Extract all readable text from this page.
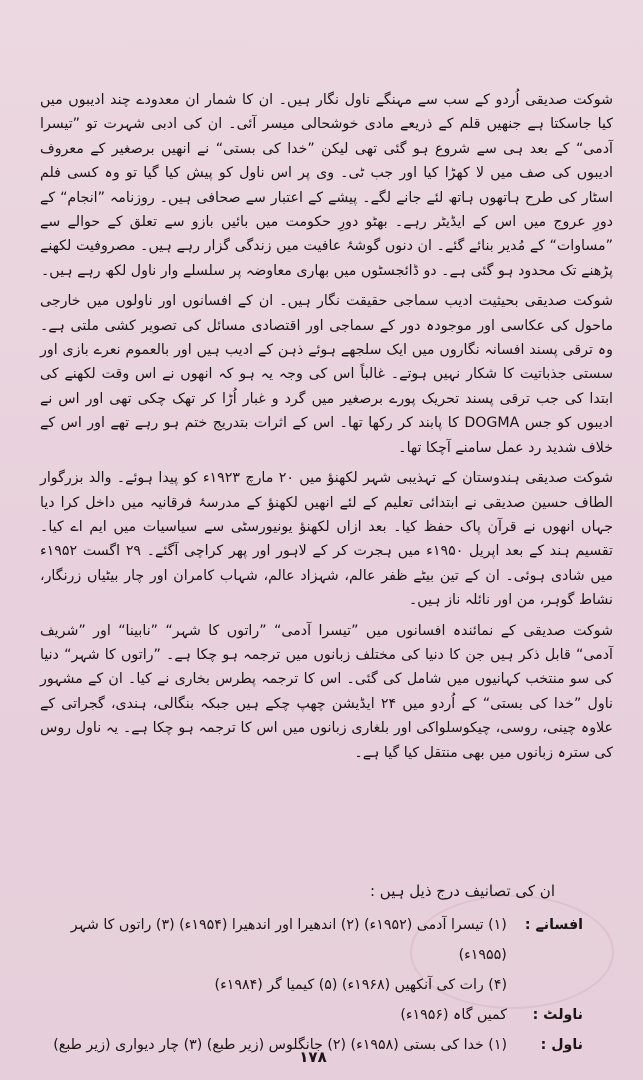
شوکت صدیقی اُردو کے سب سے مہنگے ناول نگار ہیں۔ ان کا شمار ان معدودے چند ادیبوں میں کیا جاسکتا ہے جنھیں قلم کے ذریعے مادی خوشحالی میسر آئی۔ ان کی ادبی شہرت تو ”تیسرا آدمی“ کے بعد ہی سے شروع ہو گئی تھی لیکن ”خدا کی بستی“ نے انھیں برصغیر کے معروف ادیبوں کی صف میں لا کھڑا کیا اور جب ٹی۔ وی پر اس ناول کو پیش کیا گیا تو وہ کسی فلم اسٹار کی طرح ہاتھوں ہاتھ لئے جانے لگے۔ پیشے کے اعتبار سے صحافی ہیں۔ روزنامہ ”انجام“ کے دورِ عروج میں اس کے ایڈیٹر رہے۔ بھٹو دورِ حکومت میں بائیں بازو سے تعلق کے حوالے سے ”مساوات“ کے مُدیر بنائے گئے۔ ان دنوں گوشۂ عافیت میں زندگی گزار رہے ہیں۔ مصروفیت لکھنے پڑھنے تک محدود ہو گئی ہے۔ دو ڈائجسٹوں میں بھاری معاوضہ پر سلسلے وار ناول لکھ رہے ہیں۔

شوکت صدیقی بحیثیت ادیب سماجی حقیقت نگار ہیں۔ ان کے افسانوں اور ناولوں میں خارجی ماحول کی عکاسی اور موجودہ دور کے سماجی اور اقتصادی مسائل کی تصویر کشی ملتی ہے۔ وہ ترقی پسند افسانہ نگاروں میں ایک سلجھے ہوئے ذہن کے ادیب ہیں اور بالعموم نعرے بازی اور سستی جذباتیت کا شکار نہیں ہوتے۔ غالباً اس کی وجہ یہ ہو کہ انھوں نے اس وقت لکھنے کی ابتدا کی جب ترقی پسند تحریک پورے برصغیر میں گرد و غبار اُڑا کر تھک چکی تھی اور اس نے ادیبوں کو جس DOGMA کا پابند کر رکھا تھا۔ اس کے اثرات بتدریج ختم ہو رہے تھے اور اس کے خلاف شدید رد عمل سامنے آچکا تھا۔

شوکت صدیقی ہندوستان کے تہذیبی شہر لکھنؤ میں ۲۰ مارچ ۱۹۲۳ء کو پیدا ہوئے۔ والد بزرگوار الطاف حسین صدیقی نے ابتدائی تعلیم کے لئے انھیں لکھنؤ کے مدرسۂ فرقانیہ میں داخل کرا دیا جہاں انھوں نے قرآن پاک حفظ کیا۔ بعد ازاں لکھنؤ یونیورسٹی سے سیاسیات میں ایم اے کیا۔ تقسیم ہند کے بعد اپریل ۱۹۵۰ء میں ہجرت کر کے لاہور اور پھر کراچی آگئے۔ ۲۹ اگست ۱۹۵۲ء میں شادی ہوئی۔ ان کے تین بیٹے ظفر عالم، شہزاد عالم، شہاب کامران اور چار بیٹیاں زرنگار، نشاط گوہر، من اور نائلہ ناز ہیں۔

شوکت صدیقی کے نمائندہ افسانوں میں ”تیسرا آدمی“ ”راتوں کا شہر“ ”نابینا“ اور ”شریف آدمی“ قابل ذکر ہیں جن کا دنیا کی مختلف زبانوں میں ترجمہ ہو چکا ہے۔ ”راتوں کا شہر“ دنیا کی سو منتخب کہانیوں میں شامل کی گئی۔ اس کا ترجمہ پطرس بخاری نے کیا۔ ان کے مشہور ناول ”خدا کی بستی“ کے اُردو میں ۲۴ ایڈیشن چھپ چکے ہیں جبکہ بنگالی، ہندی، گجراتی کے علاوہ چینی، روسی، چیکوسلواکی اور بلغاری زبانوں میں اس کا ترجمہ ہو چکا ہے۔ یہ ناول روس کی سترہ زبانوں میں بھی منتقل کیا گیا ہے۔

ان کی تصانیف درج ذیل ہیں :
افسانے :
(۱) تیسرا آدمی (۱۹۵۲ء) (۲) اندھیرا اور اندھیرا (۱۹۵۴ء) (۳) راتوں کا شہر (۱۹۵۵ء)
(۴) رات کی آنکھیں (۱۹۶۸ء) (۵) کیمیا گر (۱۹۸۴ء)
ناولٹ :
کمیں گاہ (۱۹۵۶ء)
ناول :
(۱) خدا کی بستی (۱۹۵۸ء) (۲) جانگلوس (زیر طبع) (۳) چار دیواری (زیر طبع)
۱۷۸
